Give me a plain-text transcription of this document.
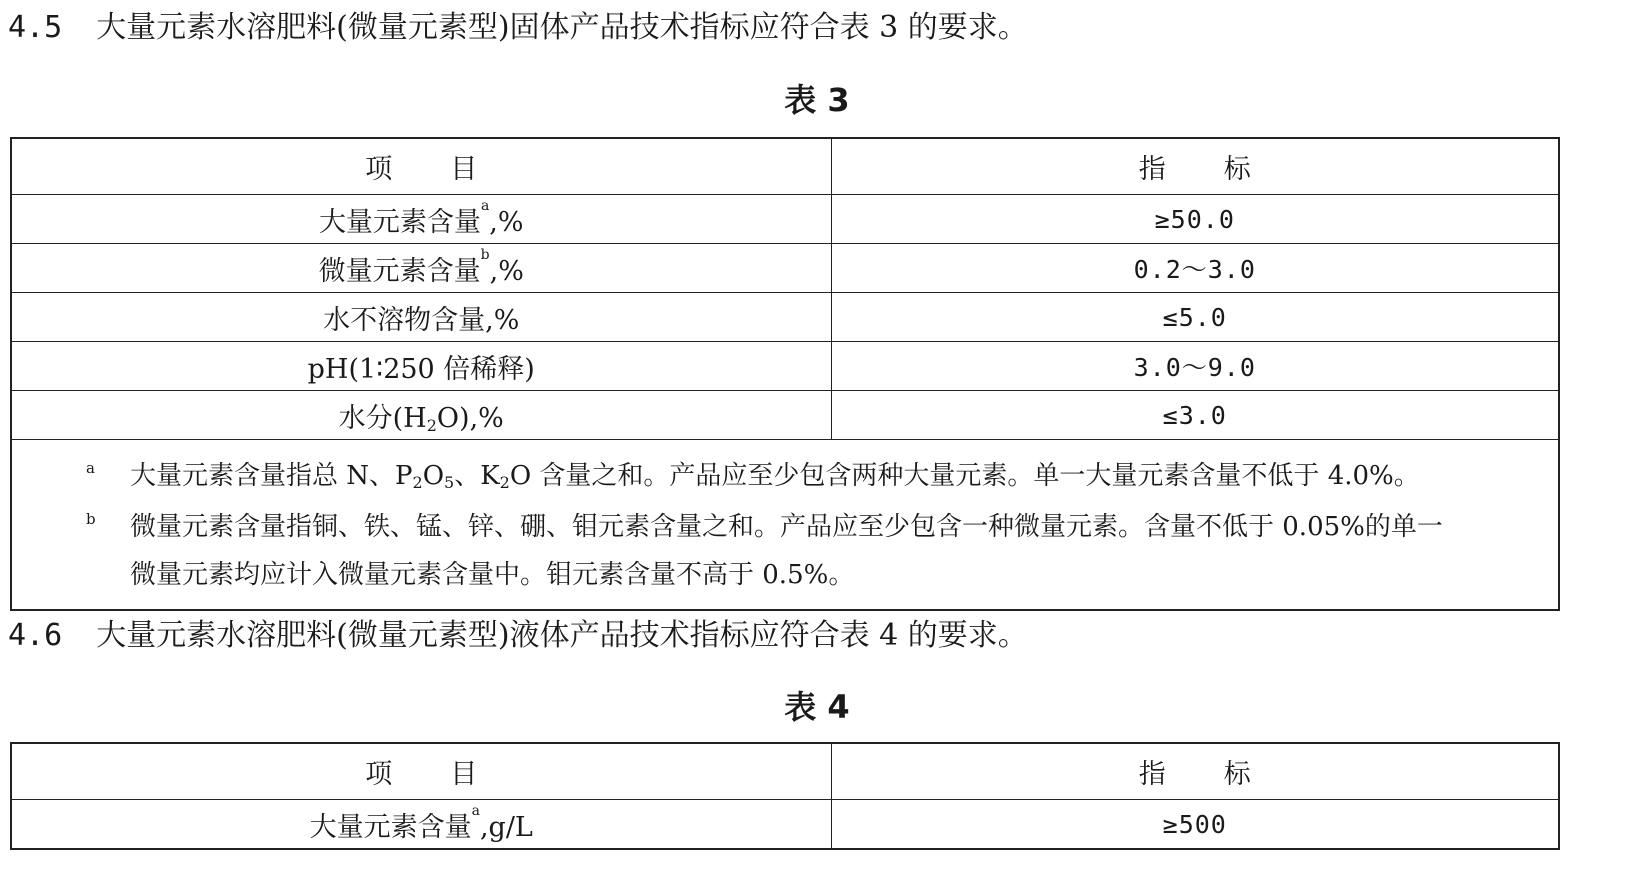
4.5 大量元素水溶肥料(微量元素型)固体产品技术指标应符合表 3 的要求。
表 3
项 目	指 标
大量元素含量$^a$,%	≥50.0
微量元素含量$^b$,%	0.2～3.0
水不溶物含量,%	≤5.0
pH(1∶250 倍稀释)	3.0～9.0
水分$(H_2O),\%$	≤3.0

a 大量元素含量指总 N、$P_2O_5$、$K_2O$ 含量之和。产品应至少包含两种大量元素。单一大量元素含量不低于 4.0%。
b 微量元素含量指铜、铁、锰、锌、硼、钼元素含量之和。产品应至少包含一种微量元素。含量不低于 0.05%的单一
微量元素均应计入微量元素含量中。钼元素含量不高于 0.5%。	
4.6 大量元素水溶肥料(微量元素型)液体产品技术指标应符合表 4 的要求。
表 4
项 目	指 标
大量元素含量$^a$,g/L	≥500
